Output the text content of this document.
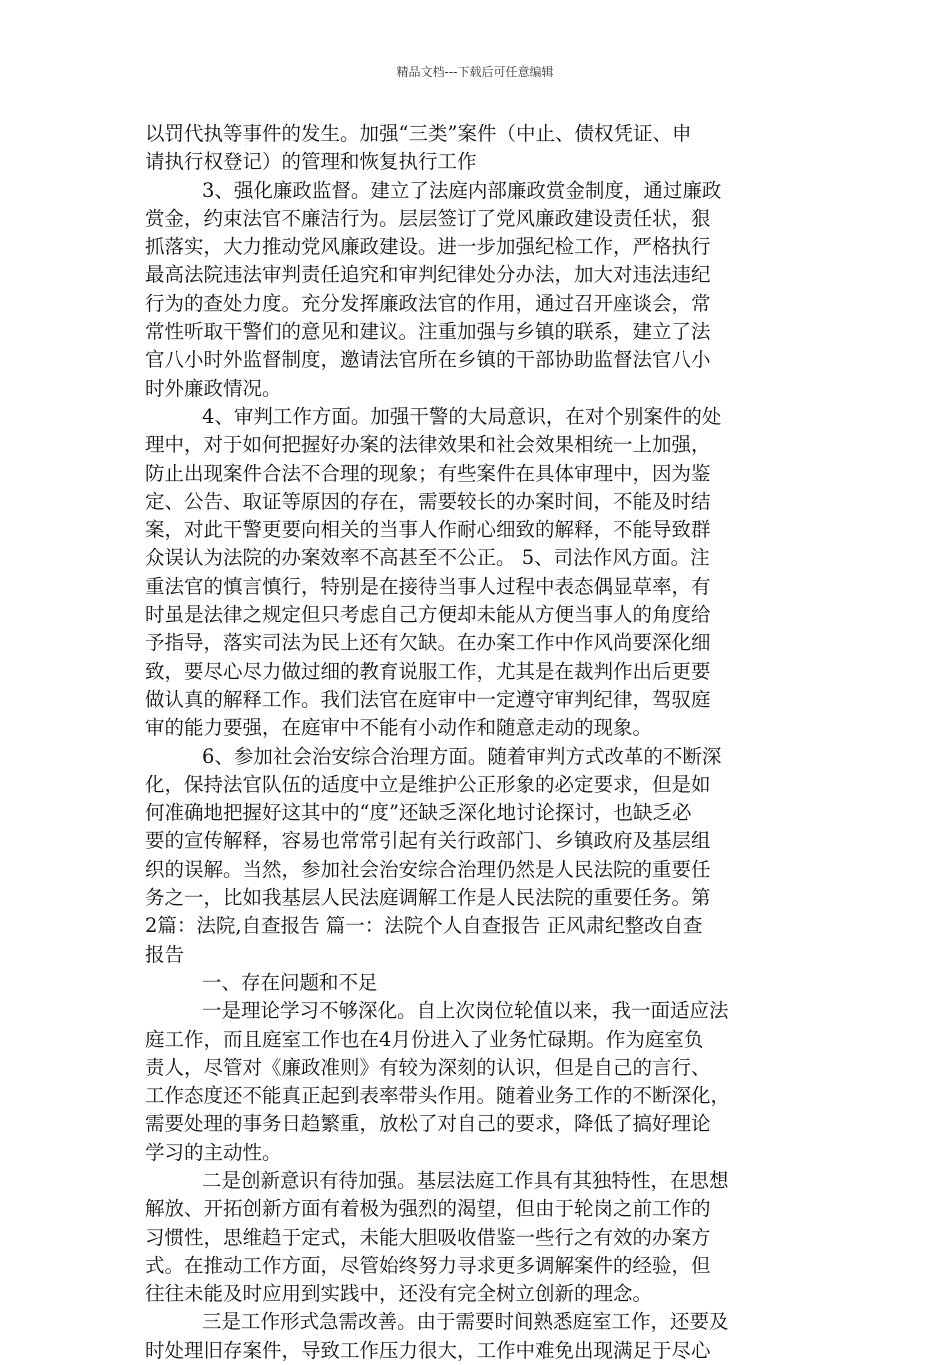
精品文档---下载后可任意编辑
以罚代执等事件的发生。加强“三类”案件（中止、债权凭证、申
请执行权登记）的管理和恢复执行工作
3、强化廉政监督。建立了法庭内部廉政赏金制度，通过廉政
赏金，约束法官不廉洁行为。层层签订了党风廉政建设责任状，狠
抓落实，大力推动党风廉政建设。进一步加强纪检工作，严格执行
最高法院违法审判责任追究和审判纪律处分办法，加大对违法违纪
行为的查处力度。充分发挥廉政法官的作用，通过召开座谈会，常
常性听取干警们的意见和建议。注重加强与乡镇的联系，建立了法
官八小时外监督制度，邀请法官所在乡镇的干部协助监督法官八小
时外廉政情况。
4、审判工作方面。加强干警的大局意识，在对个别案件的处
理中，对于如何把握好办案的法律效果和社会效果相统一上加强，
防止出现案件合法不合理的现象；有些案件在具体审理中，因为鉴
定、公告、取证等原因的存在，需要较长的办案时间，不能及时结
案，对此干警更要向相关的当事人作耐心细致的解释，不能导致群
众误认为法院的办案效率不高甚至不公正。 5、司法作风方面。注
重法官的慎言慎行，特别是在接待当事人过程中表态偶显草率，有
时虽是法律之规定但只考虑自己方便却未能从方便当事人的角度给
予指导，落实司法为民上还有欠缺。在办案工作中作风尚要深化细
致，要尽心尽力做过细的教育说服工作，尤其是在裁判作出后更要
做认真的解释工作。我们法官在庭审中一定遵守审判纪律，驾驭庭
审的能力要强，在庭审中不能有小动作和随意走动的现象。
6、参加社会治安综合治理方面。随着审判方式改革的不断深
化，保持法官队伍的适度中立是维护公正形象的必定要求，但是如
何准确地把握好这其中的“度”还缺乏深化地讨论探讨，也缺乏必
要的宣传解释，容易也常常引起有关行政部门、乡镇政府及基层组
织的误解。当然，参加社会治安综合治理仍然是人民法院的重要任
务之一，比如我基层人民法庭调解工作是人民法院的重要任务。第
2篇：法院,自查报告 篇一：法院个人自查报告 正风肃纪整改自查
报告
一、存在问题和不足
一是理论学习不够深化。自上次岗位轮值以来，我一面适应法
庭工作，而且庭室工作也在4月份进入了业务忙碌期。作为庭室负
责人，尽管对《廉政准则》有较为深刻的认识，但是自己的言行、
工作态度还不能真正起到表率带头作用。随着业务工作的不断深化，
需要处理的事务日趋繁重，放松了对自己的要求，降低了搞好理论
学习的主动性。
二是创新意识有待加强。基层法庭工作具有其独特性，在思想
解放、开拓创新方面有着极为强烈的渴望，但由于轮岗之前工作的
习惯性，思维趋于定式，未能大胆吸收借鉴一些行之有效的办案方
式。在推动工作方面，尽管始终努力寻求更多调解案件的经验，但
往往未能及时应用到实践中，还没有完全树立创新的理念。
三是工作形式急需改善。由于需要时间熟悉庭室工作，还要及
时处理旧存案件，导致工作压力很大，工作中难免出现满足于尽心
